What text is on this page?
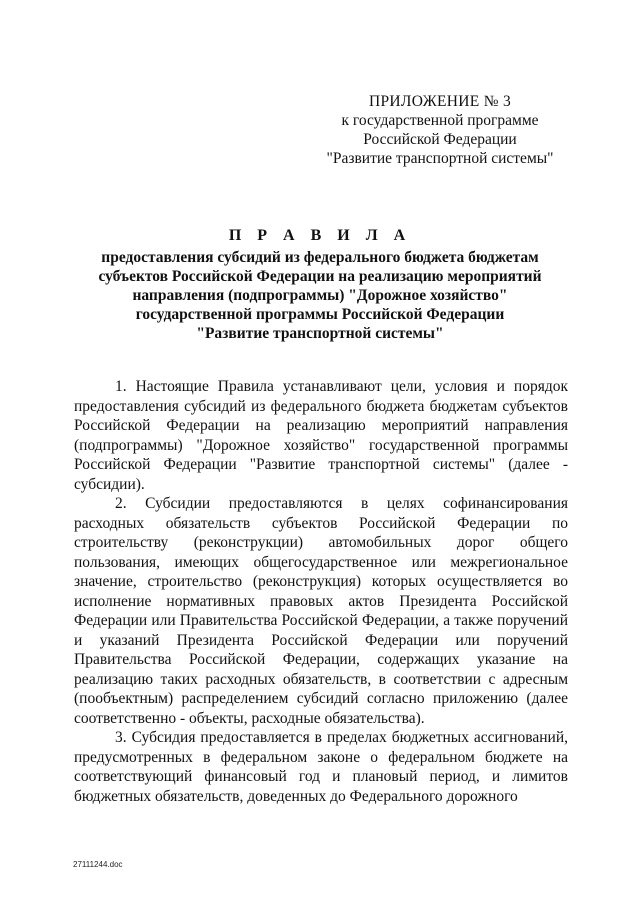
ПРИЛОЖЕНИЕ № 3
к государственной программе
Российской Федерации
"Развитие транспортной системы"
П Р А В И Л А
предоставления субсидий из федерального бюджета бюджетам
субъектов Российской Федерации на реализацию мероприятий
направления (подпрограммы) "Дорожное хозяйство"
государственной программы Российской Федерации
"Развитие транспортной системы"

1. Настоящие Правила устанавливают цели, условия и порядок предоставления субсидий из федерального бюджета бюджетам субъектов Российской Федерации на реализацию мероприятий направления (подпрограммы) "Дорожное хозяйство" государственной программы Российской Федерации "Развитие транспортной системы" (далее - субсидии).

2. Субсидии предоставляются в целях софинансирования расходных обязательств субъектов Российской Федерации по строительству (реконструкции) автомобильных дорог общего пользования, имеющих общегосударственное или межрегиональное значение, строительство (реконструкция) которых осуществляется во исполнение нормативных правовых актов Президента Российской Федерации или Правительства Российской Федерации, а также поручений и указаний Президента Российской Федерации или поручений Правительства Российской Федерации, содержащих указание на реализацию таких расходных обязательств, в соответствии с адресным (пообъектным) распределением субсидий согласно приложению (далее соответственно - объекты, расходные обязательства).

3. Субсидия предоставляется в пределах бюджетных ассигнований, предусмотренных в федеральном законе о федеральном бюджете на соответствующий финансовый год и плановый период, и лимитов бюджетных обязательств, доведенных до Федерального дорожного

27111244.doc
